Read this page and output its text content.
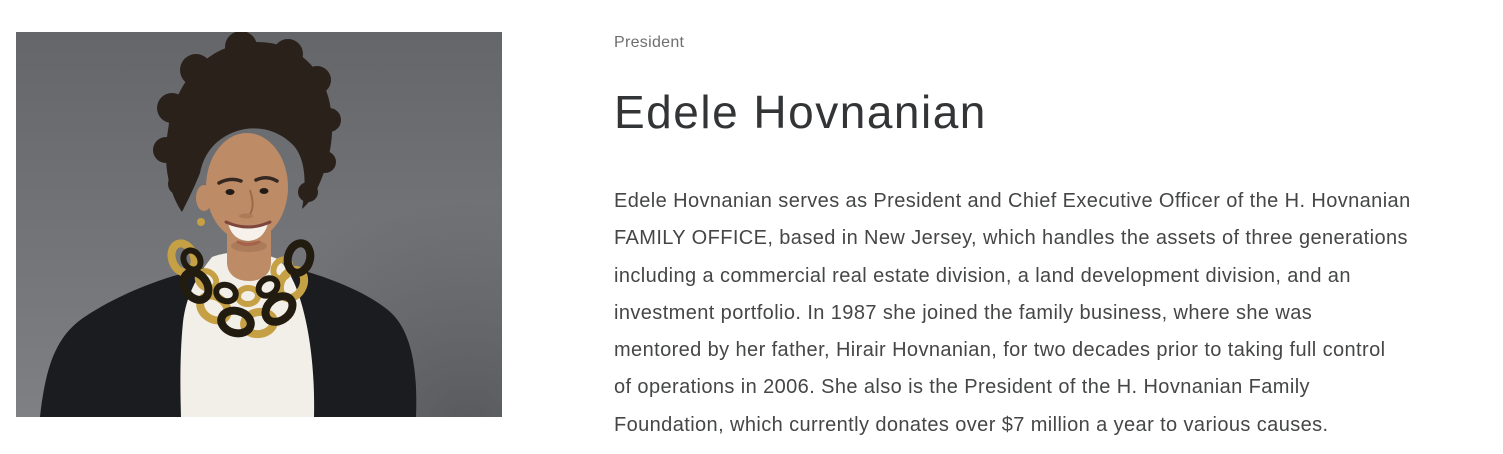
President
Edele Hovnanian
Edele Hovnanian serves as President and Chief Executive Officer of the H. Hovnanian
FAMILY OFFICE, based in New Jersey, which handles the assets of three generations
including a commercial real estate division, a land development division, and an
investment portfolio. In 1987 she joined the family business, where she was
mentored by her father, Hirair Hovnanian, for two decades prior to taking full control
of operations in 2006. She also is the President of the H. Hovnanian Family
Foundation, which currently donates over $7 million a year to various causes.
